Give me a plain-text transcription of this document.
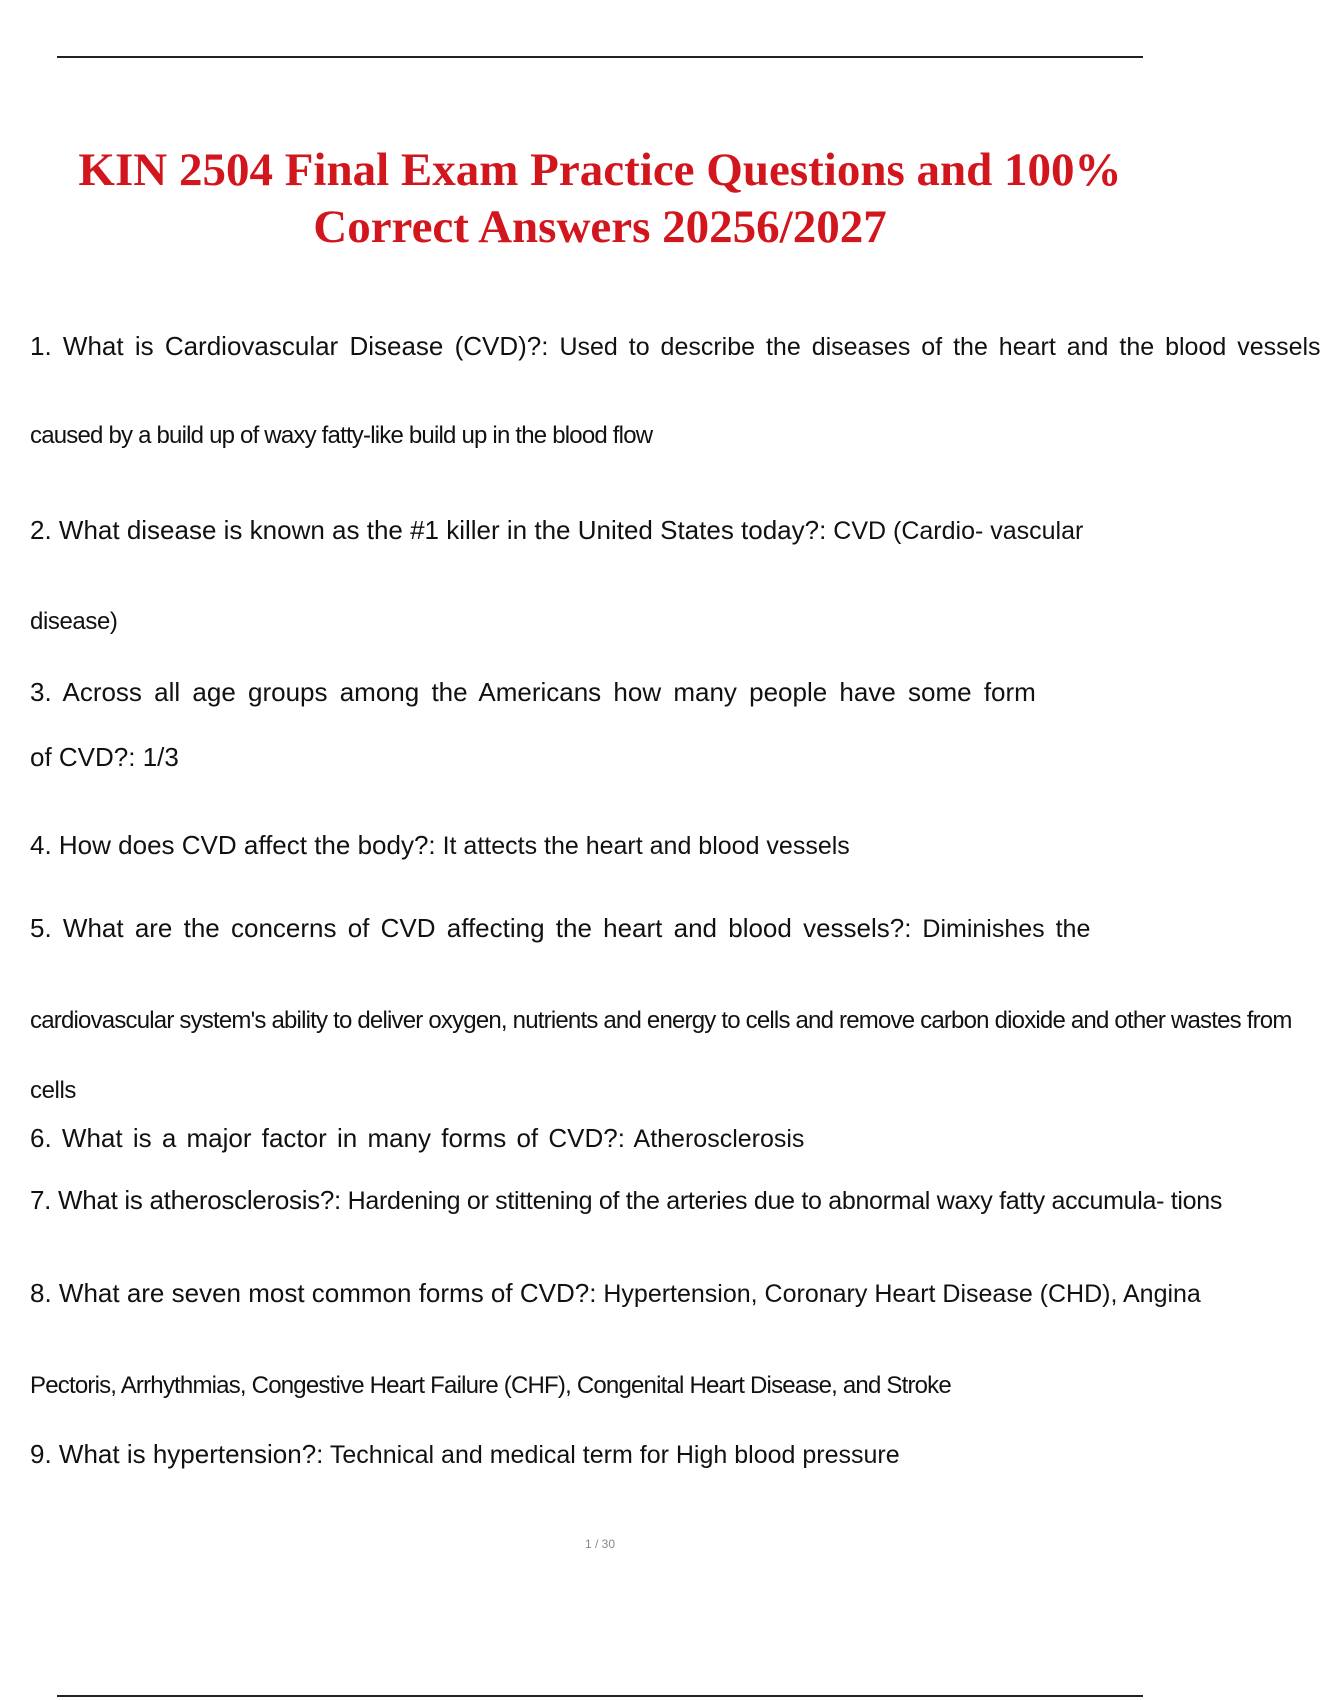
KIN 2504 Final Exam Practice Questions and 100%
Correct Answers 20256/2027

1. What is Cardiovascular Disease (CVD)?: Used to describe the diseases of the heart and the blood vessels

caused by a build up of waxy fatty-like build up in the blood flow

2. What disease is known as the #1 killer in the United States today?: CVD (Cardio- vascular

disease)

3. Across all age groups among the Americans how many people have some form

of CVD?: 1/3

4. How does CVD affect the body?: It attects the heart and blood vessels

5. What are the concerns of CVD affecting the heart and blood vessels?: Diminishes the

cardiovascular system's ability to deliver oxygen, nutrients and energy to cells and remove carbon dioxide and other wastes from

cells

6. What is a major factor in many forms of CVD?: Atherosclerosis

7. What is atherosclerosis?: Hardening or stittening of the arteries due to abnormal waxy fatty accumula- tions

8. What are seven most common forms of CVD?: Hypertension, Coronary Heart Disease (CHD), Angina

Pectoris, Arrhythmias, Congestive Heart Failure (CHF), Congenital Heart Disease, and Stroke

9. What is hypertension?: Technical and medical term for High blood pressure

1 / 30
